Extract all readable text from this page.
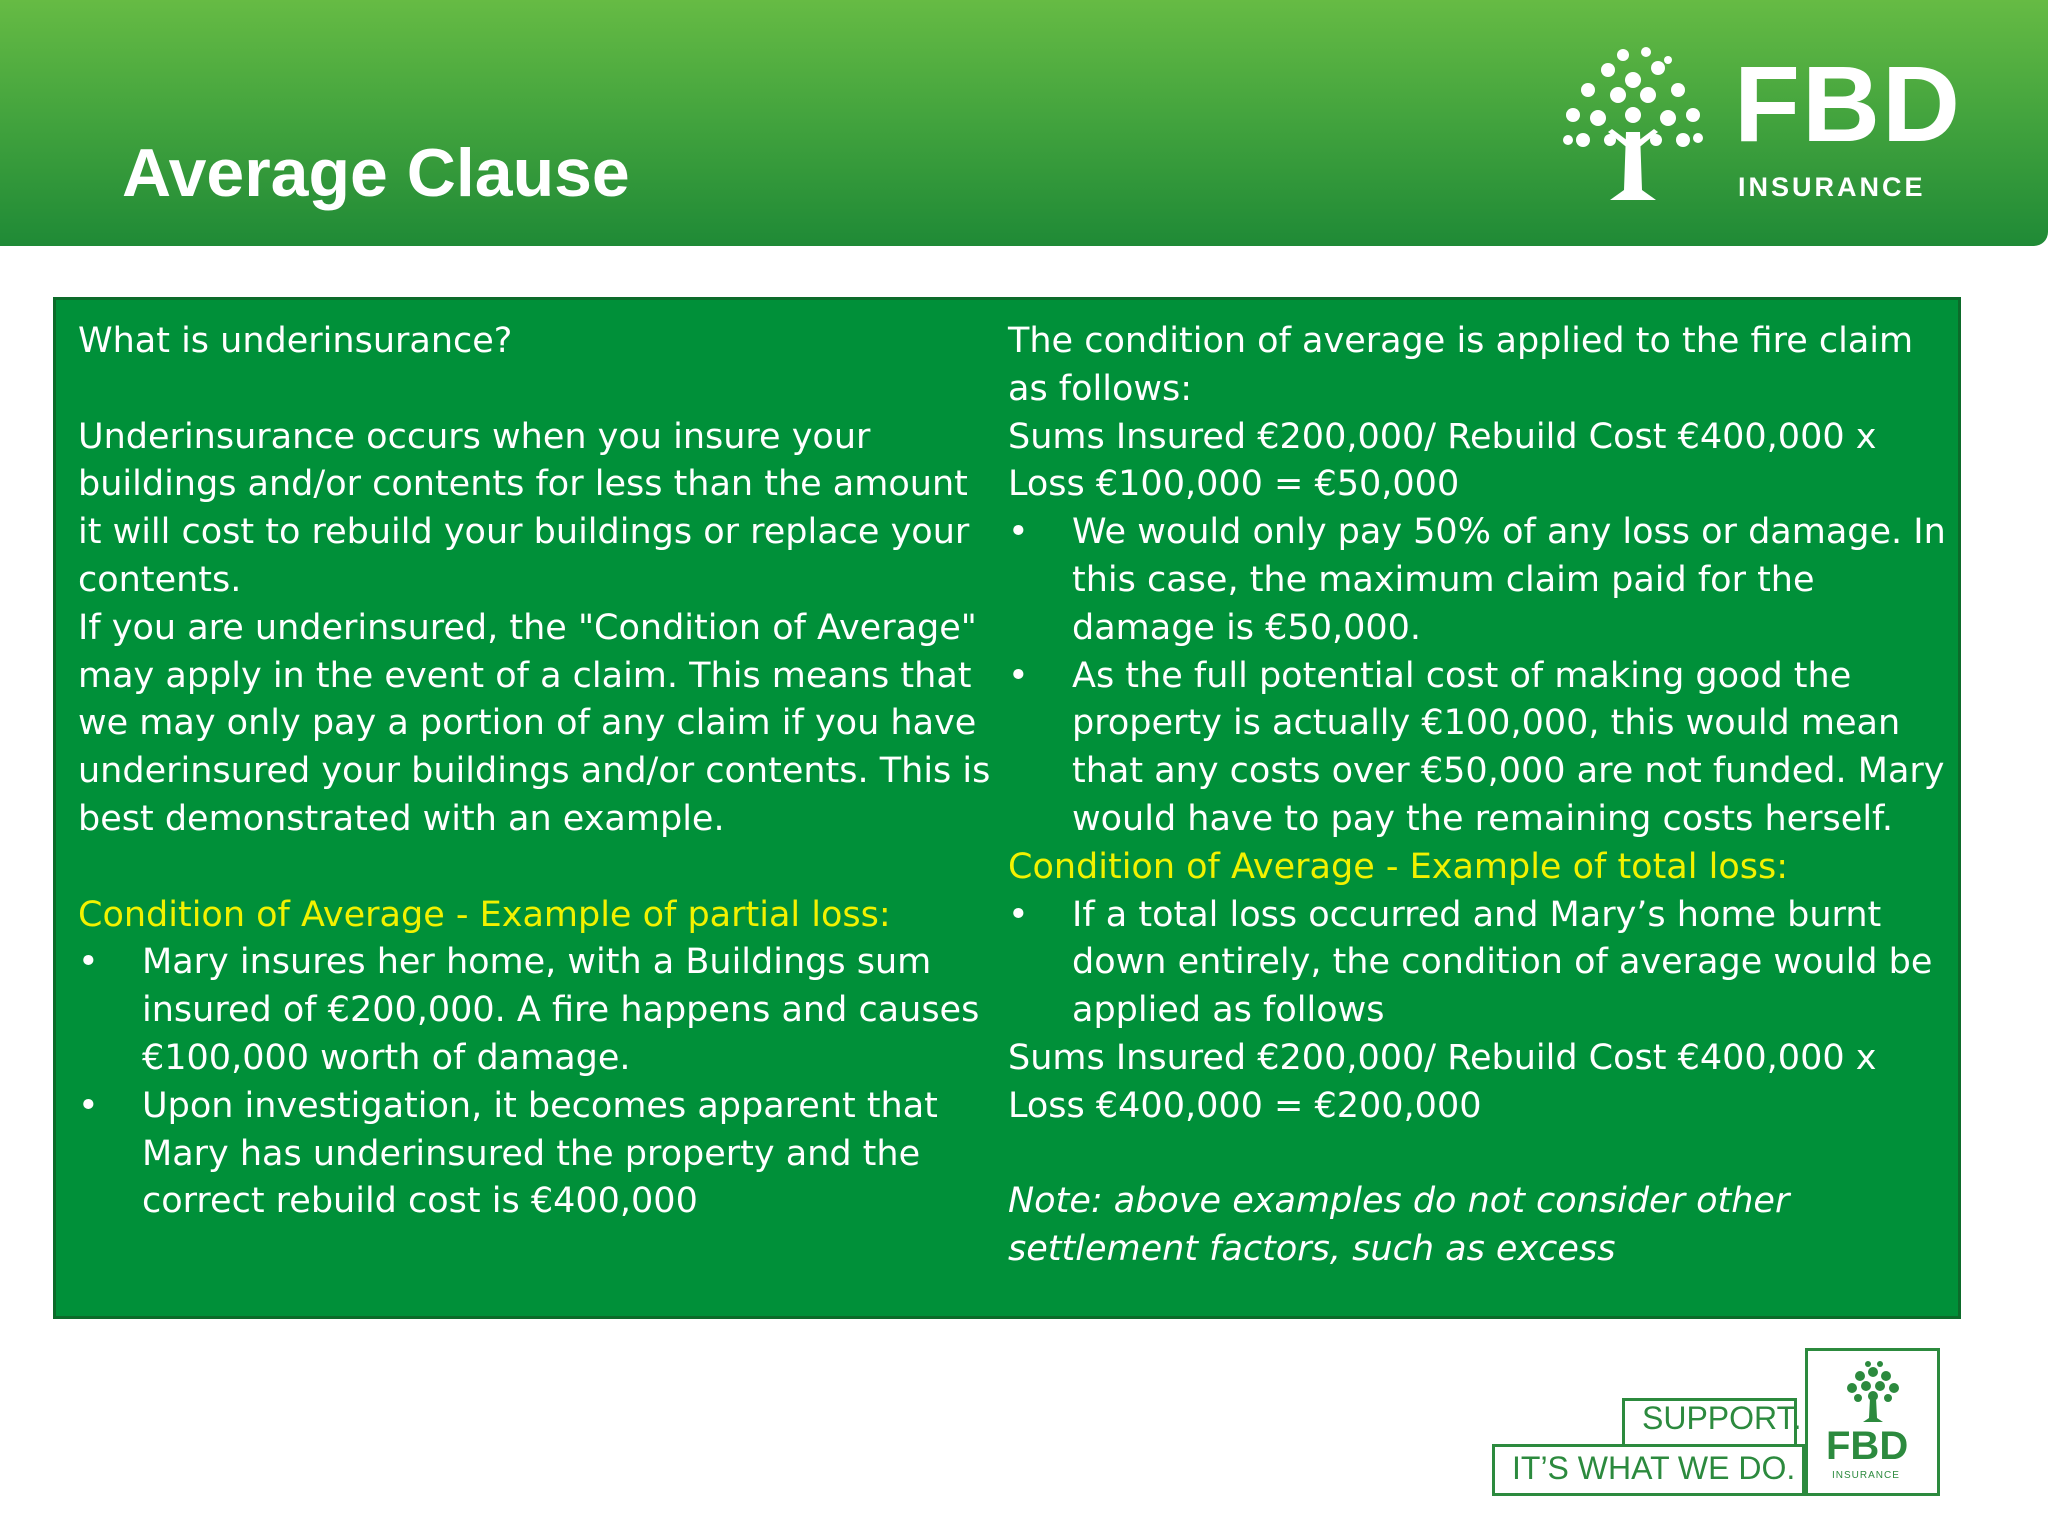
Average Clause
FBD
INSURANCE

What is underinsurance?

Underinsurance occurs when you insure your buildings and/or contents for less than the amount it will cost to rebuild your buildings or replace your contents.

If you are underinsured, the "Condition of Average" may apply in the event of a claim. This means that we may only pay a portion of any claim if you have underinsured your buildings and/or contents. This is best demonstrated with an example.

Condition of Average - Example of partial loss:

• Mary insures her home, with a Buildings sum insured of €200,000. A fire happens and causes €100,000 worth of damage.
• Upon investigation, it becomes apparent that Mary has underinsured the property and the correct rebuild cost is €400,000

The condition of average is applied to the fire claim as follows:

Sums Insured €200,000/ Rebuild Cost €400,000 x Loss €100,000 = €50,000

• We would only pay 50% of any loss or damage. In this case, the maximum claim paid for the damage is €50,000.
• As the full potential cost of making good the property is actually €100,000, this would mean that any costs over €50,000 are not funded. Mary would have to pay the remaining costs herself.

Condition of Average - Example of total loss:

• If a total loss occurred and Mary’s home burnt down entirely, the condition of average would be applied as follows

Sums Insured €200,000/ Rebuild Cost €400,000 x Loss €400,000 = €200,000

Note: above examples do not consider other settlement factors, such as excess

SUPPORT.
IT’S WHAT WE DO. FBD
INSURANCE
